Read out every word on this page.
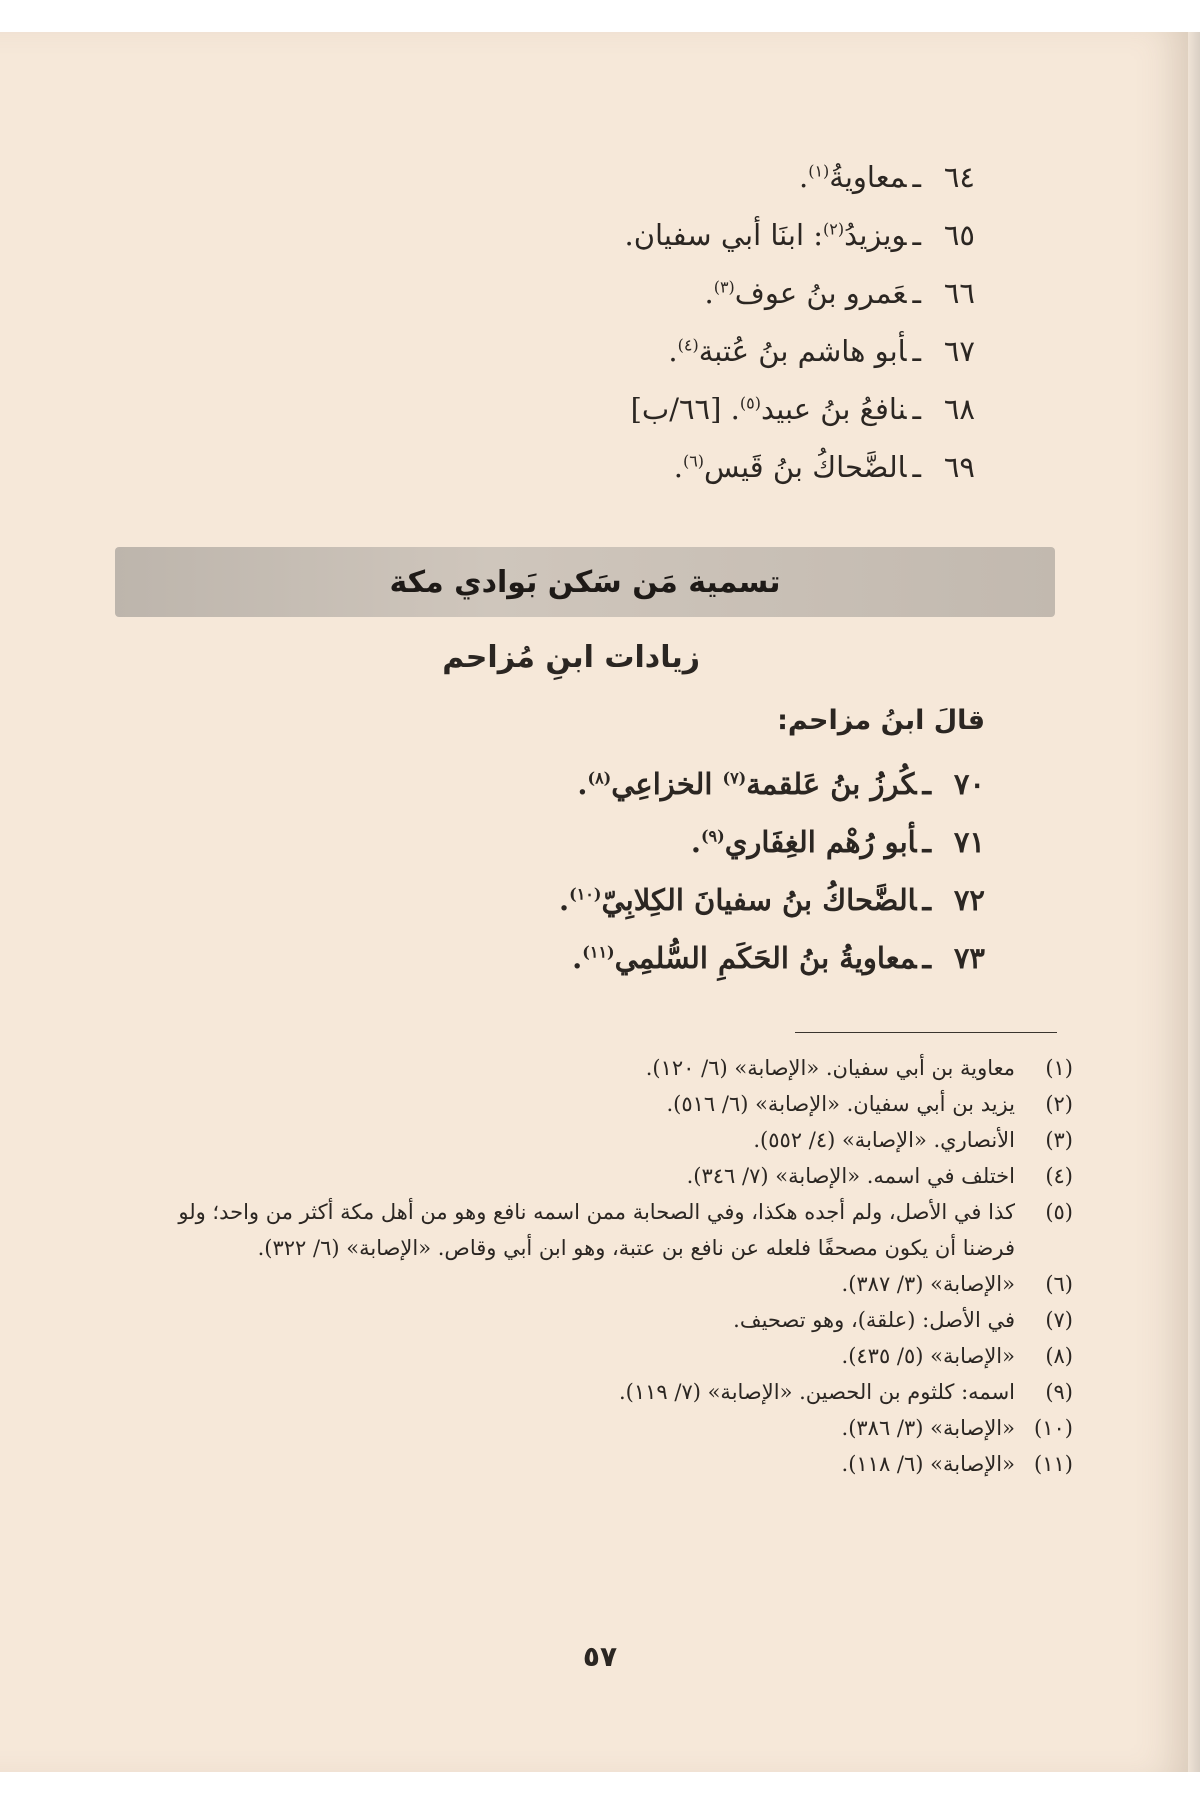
٦٤ـمعاويةُ$^{(١)}$.
٦٥ـويزيدُ$^{(٢)}$: ابنَا أبي سفيان.
٦٦ـعَمرو بنُ عوف$^{(٣)}$.
٦٧ـأبو هاشم بنُ عُتبة$^{(٤)}$.
٦٨ـنافعُ بنُ عبيد$^{(٥)}$. [٦٦/ب]
٦٩ـالضَّحاكُ بنُ قَيس$^{(٦)}$.
تسمية مَن سَكن بَوادي مكة
زيادات ابنِ مُزاحم
قالَ ابنُ مزاحم:
٧٠ـكُرزُ بنُ عَلقمة$^{(٧)}$ الخزاعِي$^{(٨)}$.
٧١ـأبو رُهْم الغِفَاري$^{(٩)}$.
٧٢ـالضَّحاكُ بنُ سفيانَ الكِلابِيّ$^{(١٠)}$.
٧٣ـمعاويةُ بنُ الحَكَمِ السُّلمِي$^{(١١)}$.
(١)
معاوية بن أبي سفيان. «الإصابة» (٦/ ١٢٠).
(٢)
يزيد بن أبي سفيان. «الإصابة» (٦/ ٥١٦).
(٣)
الأنصاري. «الإصابة» (٤/ ٥٥٢).
(٤)
اختلف في اسمه. «الإصابة» (٧/ ٣٤٦).
(٥)
كذا في الأصل، ولم أجده هكذا، وفي الصحابة ممن اسمه نافع وهو من أهل مكة أكثر من واحد؛ ولو فرضنا أن يكون مصحفًا فلعله عن نافع بن عتبة، وهو ابن أبي وقاص. «الإصابة» (٦/ ٣٢٢).
(٦)
«الإصابة» (٣/ ٣٨٧).
(٧)
في الأصل: (علقة)، وهو تصحيف.
(٨)
«الإصابة» (٥/ ٤٣٥).
(٩)
اسمه: كلثوم بن الحصين. «الإصابة» (٧/ ١١٩).
(١٠)
«الإصابة» (٣/ ٣٨٦).
(١١)
«الإصابة» (٦/ ١١٨).
٥٧
